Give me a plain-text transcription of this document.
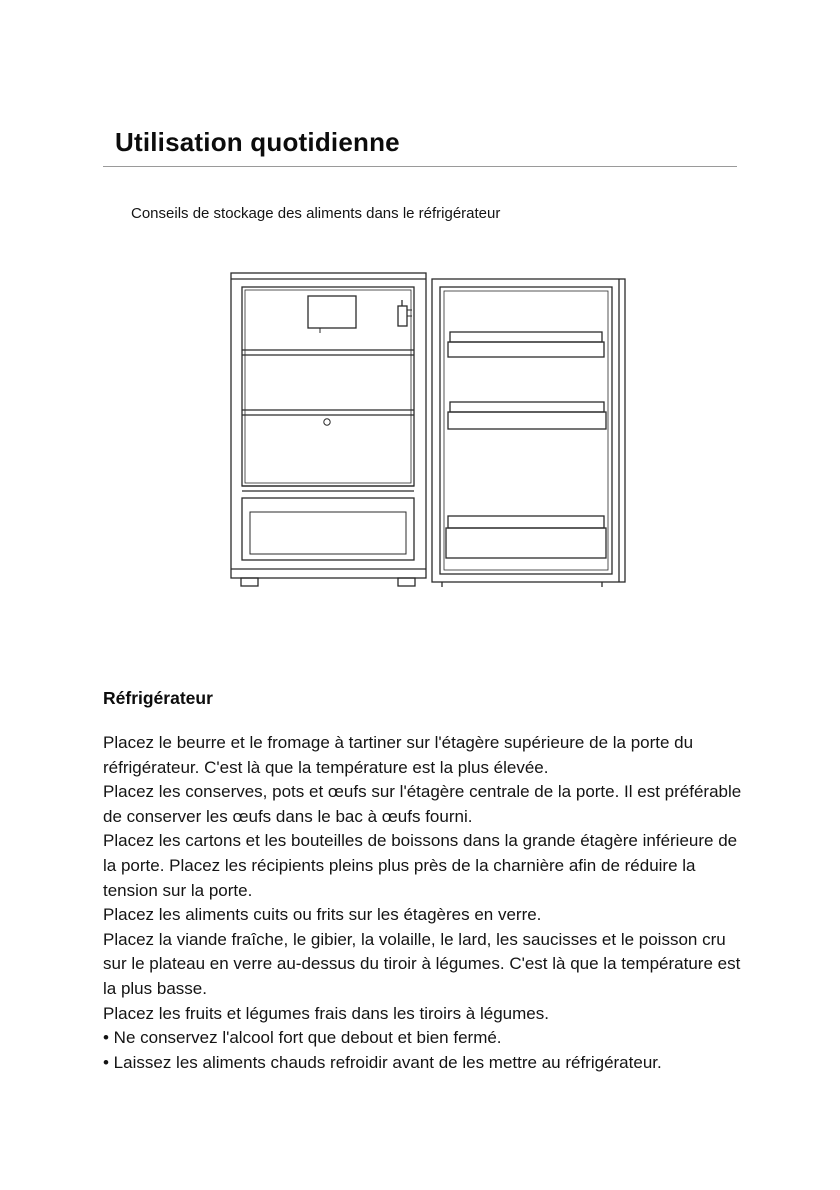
Utilisation quotidienne

Conseils de stockage des aliments dans le réfrigérateur

Réfrigérateur

Placez le beurre et le fromage à tartiner sur l'étagère supérieure de la porte du réfrigérateur. C'est là que la température est la plus élevée.

Placez les conserves, pots et œufs sur l'étagère centrale de la porte. Il est préférable de conserver les œufs dans le bac à œufs fourni.

Placez les cartons et les bouteilles de boissons dans la grande étagère inférieure de la porte. Placez les récipients pleins plus près de la charnière afin de réduire la tension sur la porte.

Placez les aliments cuits ou frits sur les étagères en verre.

Placez la viande fraîche, le gibier, la volaille, le lard, les saucisses et le poisson cru sur le plateau en verre au-dessus du tiroir à légumes. C'est là que la température est la plus basse.

Placez les fruits et légumes frais dans les tiroirs à légumes.

• Ne conservez l'alcool fort que debout et bien fermé.

• Laissez les aliments chauds refroidir avant de les mettre au réfrigérateur.
